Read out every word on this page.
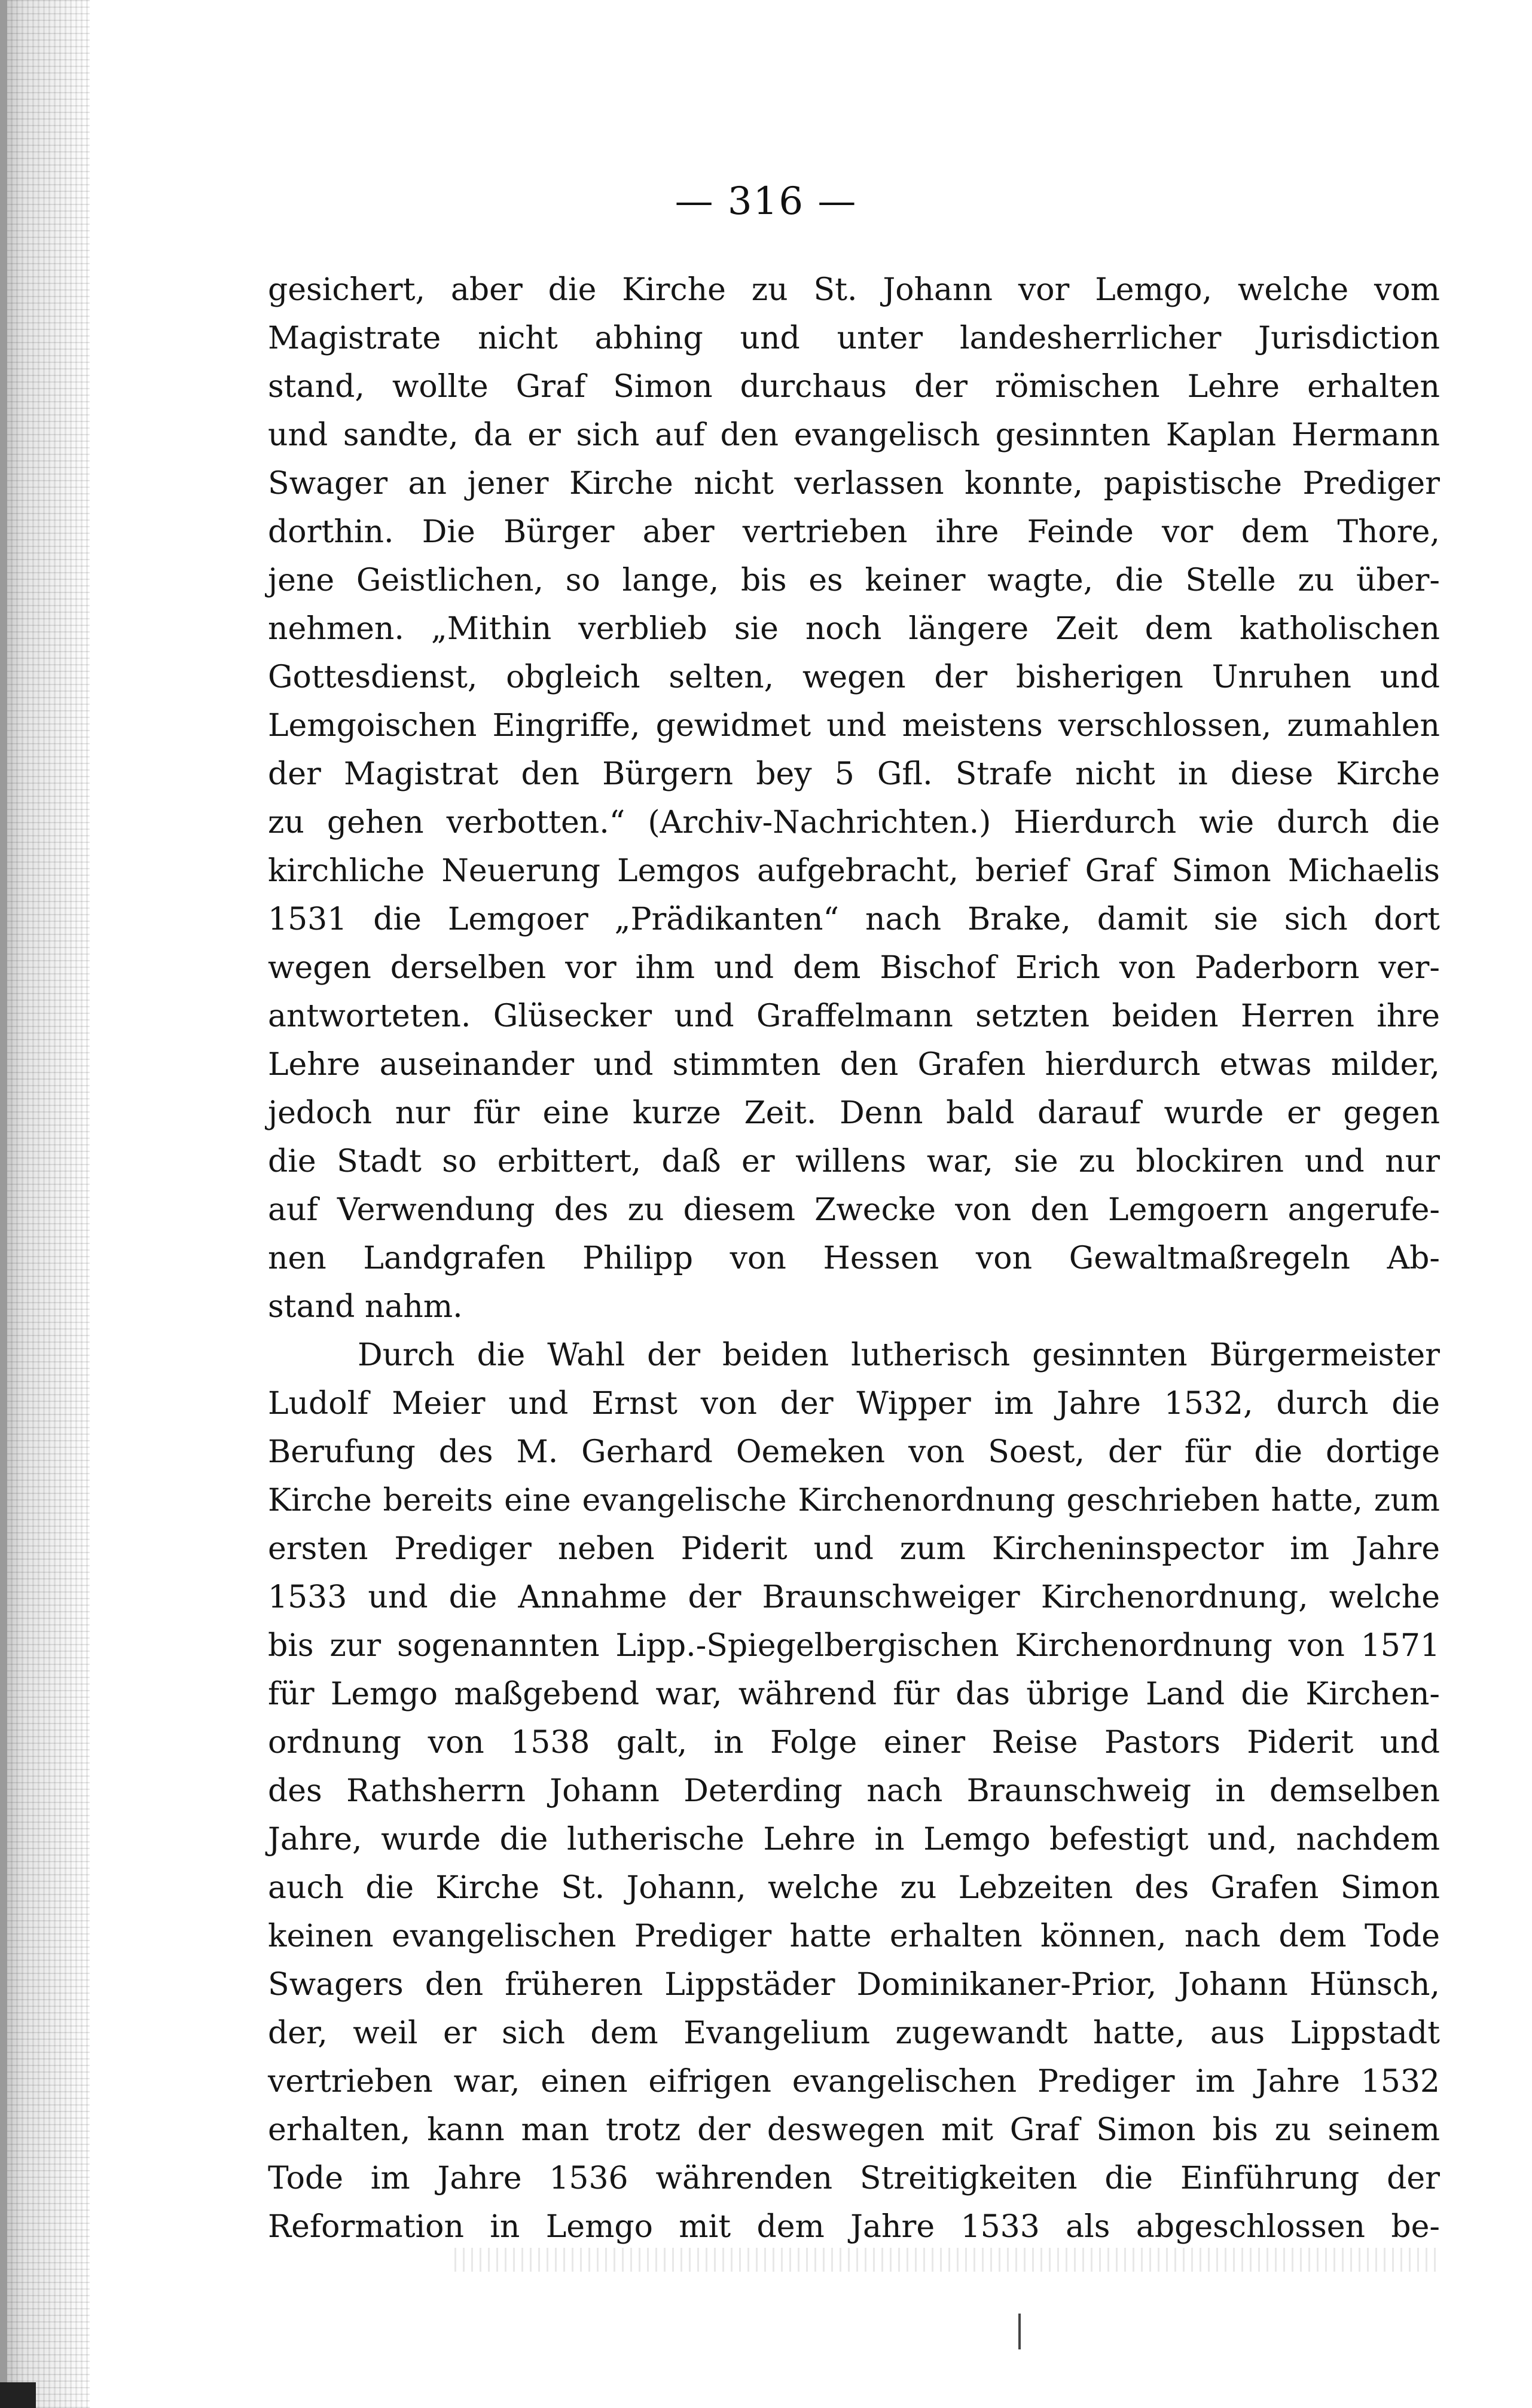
— 316 —
gesichert, aber die Kirche zu St. Johann vor Lemgo, welche vom
Magistrate nicht abhing und unter landesherrlicher Jurisdiction
stand, wollte Graf Simon durchaus der römischen Lehre erhalten
und sandte, da er sich auf den evangelisch gesinnten Kaplan Hermann
Swager an jener Kirche nicht verlassen konnte, papistische Prediger
dorthin. Die Bürger aber vertrieben ihre Feinde vor dem Thore,
jene Geistlichen, so lange, bis es keiner wagte, die Stelle zu über-
nehmen. „Mithin verblieb sie noch längere Zeit dem katholischen
Gottesdienst, obgleich selten, wegen der bisherigen Unruhen und
Lemgoischen Eingriffe, gewidmet und meistens verschlossen, zumahlen
der Magistrat den Bürgern bey 5 Gfl. Strafe nicht in diese Kirche
zu gehen verbotten.“ (Archiv-Nachrichten.) Hierdurch wie durch die
kirchliche Neuerung Lemgos aufgebracht, berief Graf Simon Michaelis
1531 die Lemgoer „Prädikanten“ nach Brake, damit sie sich dort
wegen derselben vor ihm und dem Bischof Erich von Paderborn ver-
antworteten. Glüsecker und Graffelmann setzten beiden Herren ihre
Lehre auseinander und stimmten den Grafen hierdurch etwas milder,
jedoch nur für eine kurze Zeit. Denn bald darauf wurde er gegen
die Stadt so erbittert, daß er willens war, sie zu blockiren und nur
auf Verwendung des zu diesem Zwecke von den Lemgoern angerufe-
nen Landgrafen Philipp von Hessen von Gewaltmaßregeln Ab-
stand nahm.
Durch die Wahl der beiden lutherisch gesinnten Bürgermeister
Ludolf Meier und Ernst von der Wipper im Jahre 1532, durch die
Berufung des M. Gerhard Oemeken von Soest, der für die dortige
Kirche bereits eine evangelische Kirchenordnung geschrieben hatte, zum
ersten Prediger neben Piderit und zum Kircheninspector im Jahre
1533 und die Annahme der Braunschweiger Kirchenordnung, welche
bis zur sogenannten Lipp.-Spiegelbergischen Kirchenordnung von 1571
für Lemgo maßgebend war, während für das übrige Land die Kirchen-
ordnung von 1538 galt, in Folge einer Reise Pastors Piderit und
des Rathsherrn Johann Deterding nach Braunschweig in demselben
Jahre, wurde die lutherische Lehre in Lemgo befestigt und, nachdem
auch die Kirche St. Johann, welche zu Lebzeiten des Grafen Simon
keinen evangelischen Prediger hatte erhalten können, nach dem Tode
Swagers den früheren Lippstäder Dominikaner-Prior, Johann Hünsch,
der, weil er sich dem Evangelium zugewandt hatte, aus Lippstadt
vertrieben war, einen eifrigen evangelischen Prediger im Jahre 1532
erhalten, kann man trotz der deswegen mit Graf Simon bis zu seinem
Tode im Jahre 1536 währenden Streitigkeiten die Einführung der
Reformation in Lemgo mit dem Jahre 1533 als abgeschlossen be-
